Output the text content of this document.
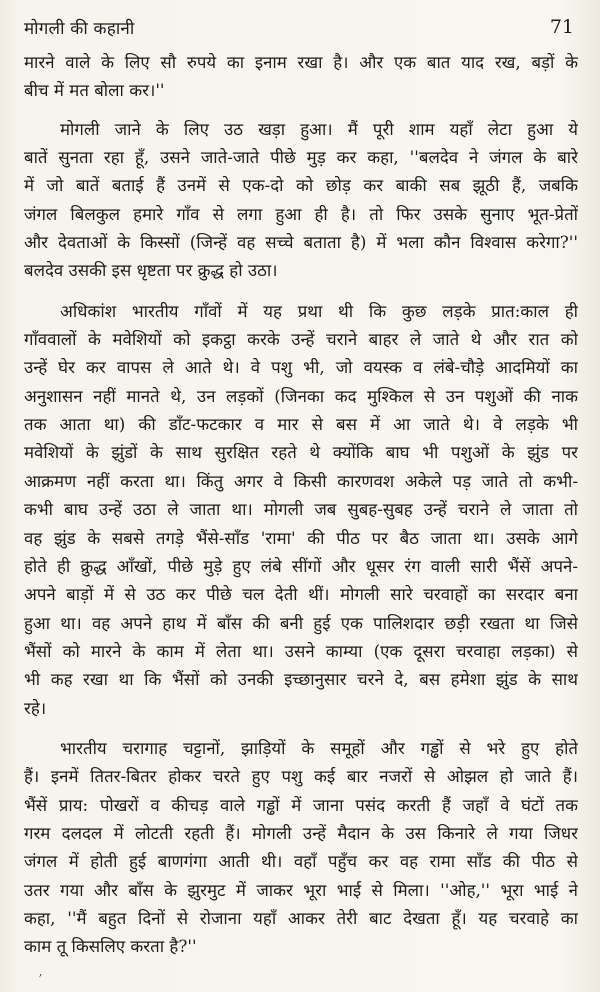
मोगली की कहानी	71
मारने वाले के लिए सौ रुपये का इनाम रखा है। और एक बात याद रख, बड़ों के
बीच में मत बोला कर।''
मोगली जाने के लिए उठ खड़ा हुआ। मैं पूरी शाम यहाँ लेटा हुआ ये
बातें सुनता रहा हूँ, उसने जाते-जाते पीछे मुड़ कर कहा, ''बलदेव ने जंगल के बारे
में जो बातें बताई हैं उनमें से एक-दो को छोड़ कर बाकी सब झूठी हैं, जबकि
जंगल बिलकुल हमारे गाँव से लगा हुआ ही है। तो फिर उसके सुनाए भूत-प्रेतों
और देवताओं के किस्सों (जिन्हें वह सच्चे बताता है) में भला कौन विश्वास करेगा?''
बलदेव उसकी इस धृष्टता पर क्रुद्ध हो उठा।
अधिकांश भारतीय गाँवों में यह प्रथा थी कि कुछ लड़के प्रात:काल ही
गाँववालों के मवेशियों को इकट्ठा करके उन्हें चराने बाहर ले जाते थे और रात को
उन्हें घेर कर वापस ले आते थे। वे पशु भी, जो वयस्क व लंबे-चौड़े आदमियों का
अनुशासन नहीं मानते थे, उन लड़कों (जिनका कद मुश्किल से उन पशुओं की नाक
तक आता था) की डाँट-फटकार व मार से बस में आ जाते थे। वे लड़के भी
मवेशियों के झुंडों के साथ सुरक्षित रहते थे क्योंकि बाघ भी पशुओं के झुंड पर
आक्रमण नहीं करता था। किंतु अगर वे किसी कारणवश अकेले पड़ जाते तो कभी-
कभी बाघ उन्हें उठा ले जाता था। मोगली जब सुबह-सुबह उन्हें चराने ले जाता तो
वह झुंड के सबसे तगड़े भैंसे-साँड 'रामा' की पीठ पर बैठ जाता था। उसके आगे
होते ही क्रुद्ध आँखों, पीछे मुड़े हुए लंबे सींगों और धूसर रंग वाली सारी भैंसें अपने-
अपने बाड़ों में से उठ कर पीछे चल देती थीं। मोगली सारे चरवाहों का सरदार बना
हुआ था। वह अपने हाथ में बाँस की बनी हुई एक पालिशदार छड़ी रखता था जिसे
भैंसों को मारने के काम में लेता था। उसने काम्या (एक दूसरा चरवाहा लड़का) से
भी कह रखा था कि भैंसों को उनकी इच्छानुसार चरने दे, बस हमेशा झुंड के साथ
रहे।
भारतीय चरागाह चट्टानों, झाड़ियों के समूहों और गड्ढों से भरे हुए होते
हैं। इनमें तितर-बितर होकर चरते हुए पशु कई बार नजरों से ओझल हो जाते हैं।
भैंसें प्राय: पोखरों व कीचड़ वाले गड्ढों में जाना पसंद करती हैं जहाँ वे घंटों तक
गरम दलदल में लोटती रहती हैं। मोगली उन्हें मैदान के उस किनारे ले गया जिधर
जंगल में होती हुई बाणगंगा आती थी। वहाँ पहुँच कर वह रामा साँड की पीठ से
उतर गया और बाँस के झुरमुट में जाकर भूरा भाई से मिला। ''ओह,'' भूरा भाई ने
कहा, ''मैं बहुत दिनों से रोजाना यहाँ आकर तेरी बाट देखता हूँ। यह चरवाहे का
काम तू किसलिए करता है?''
ʼ
